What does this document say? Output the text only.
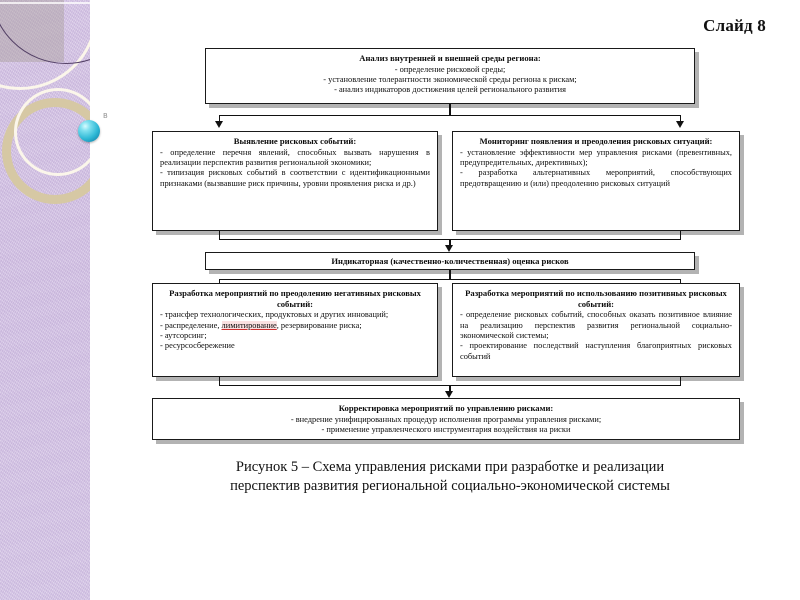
в
Слайд 8
Анализ внутренней и внешней среды региона:
- определение рисковой среды;
- установление толерантности экономической среды региона к рискам;
- анализ индикаторов достижения целей регионального развития
Выявление рисковых событий:
- определение перечня явлений, способных вызвать нарушения в реализации перспектив развития региональной экономики;
- типизация рисковых событий в соответствии с идентификационными признаками (вызвавшие риск причины, уровни проявления риска и др.)
Мониторинг появления и преодоления рисковых ситуаций:
- установление эффективности мер управления рисками (превентивных, предупредительных, директивных);
- разработка альтернативных мероприятий, способствующих предотвращению и (или) преодолению рисковых ситуаций
Индикаторная (качественно-количественная) оценка рисков
Разработка мероприятий по преодолению негативных рисковых событий:
- трансфер технологических, продуктовых и других инноваций;
- распределение, лимитирование, резервирование риска;
- аутсорсинг;
- ресурсосбережение
Разработка мероприятий по использованию позитивных рисковых событий:
- определение рисковых событий, способных оказать позитивное влияние на реализацию перспектив развития региональной социально-экономической системы;
- проектирование последствий наступления благоприятных рисковых событий
Корректировка мероприятий по управлению рисками:
- внедрение унифицированных процедур исполнения программы управления рисками;
- применение управленческого инструментария воздействия на риски
Рисунок 5 – Схема управления рисками при разработке и реализации
перспектив развития региональной социально-экономической системы
